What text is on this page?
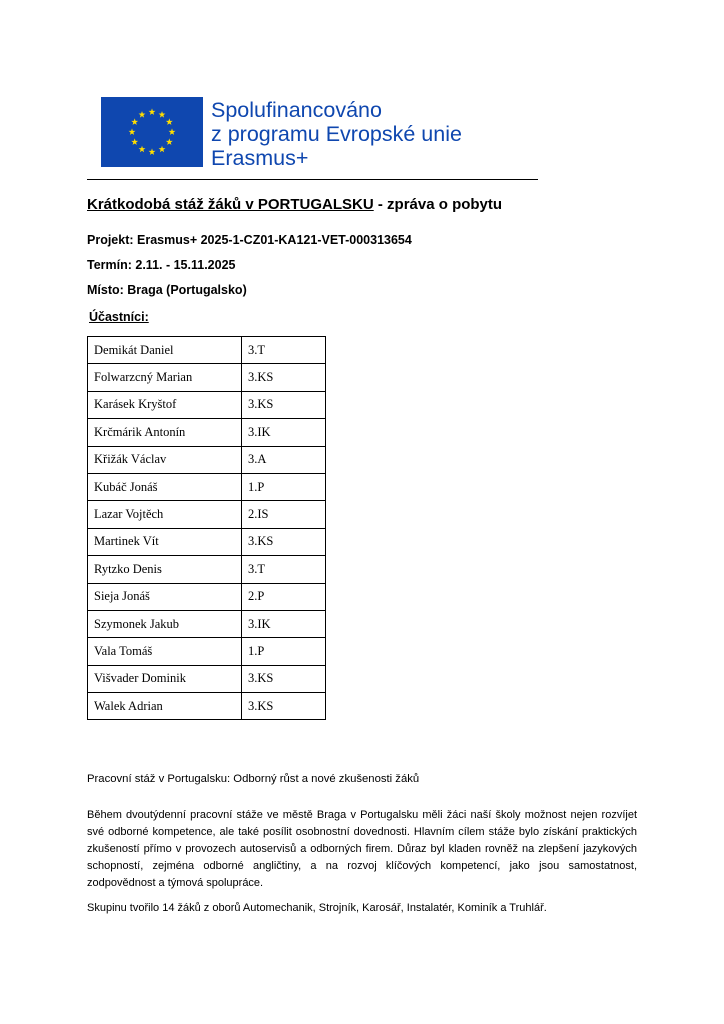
Spolufinancováno
z programu Evropské unie
Erasmus+
Krátkodobá stáž žáků v PORTUGALSKU - zpráva o pobytu
Projekt: Erasmus+ 2025-1-CZ01-KA121-VET-000313654
Termín: 2.11. - 15.11.2025
Místo: Braga (Portugalsko)
Účastníci:
Demikát Daniel	3.T
Folwarzcný Marian	3.KS
Karásek Kryštof	3.KS
Krčmárik Antonín	3.IK
Křižák Václav	3.A
Kubáč Jonáš	1.P
Lazar Vojtěch	2.IS
Martinek Vít	3.KS
Rytzko Denis	3.T
Sieja Jonáš	2.P
Szymonek Jakub	3.IK
Vala Tomáš	1.P
Višvader Dominik	3.KS
Walek Adrian	3.KS
Pracovní stáž v Portugalsku: Odborný růst a nové zkušenosti žáků

Během dvoutýdenní pracovní stáže ve městě Braga v Portugalsku měli žáci naší školy možnost nejen rozvíjet své odborné kompetence, ale také posílit osobnostní dovednosti. Hlavním cílem stáže bylo získání praktických zkušeností přímo v provozech autoservisů a odborných firem. Důraz byl kladen rovněž na zlepšení jazykových schopností, zejména odborné angličtiny, a na rozvoj klíčových kompetencí, jako jsou samostatnost, zodpovědnost a týmová spolupráce.

Skupinu tvořilo 14 žáků z oborů Automechanik, Strojník, Karosář, Instalatér, Kominík a Truhlář.
